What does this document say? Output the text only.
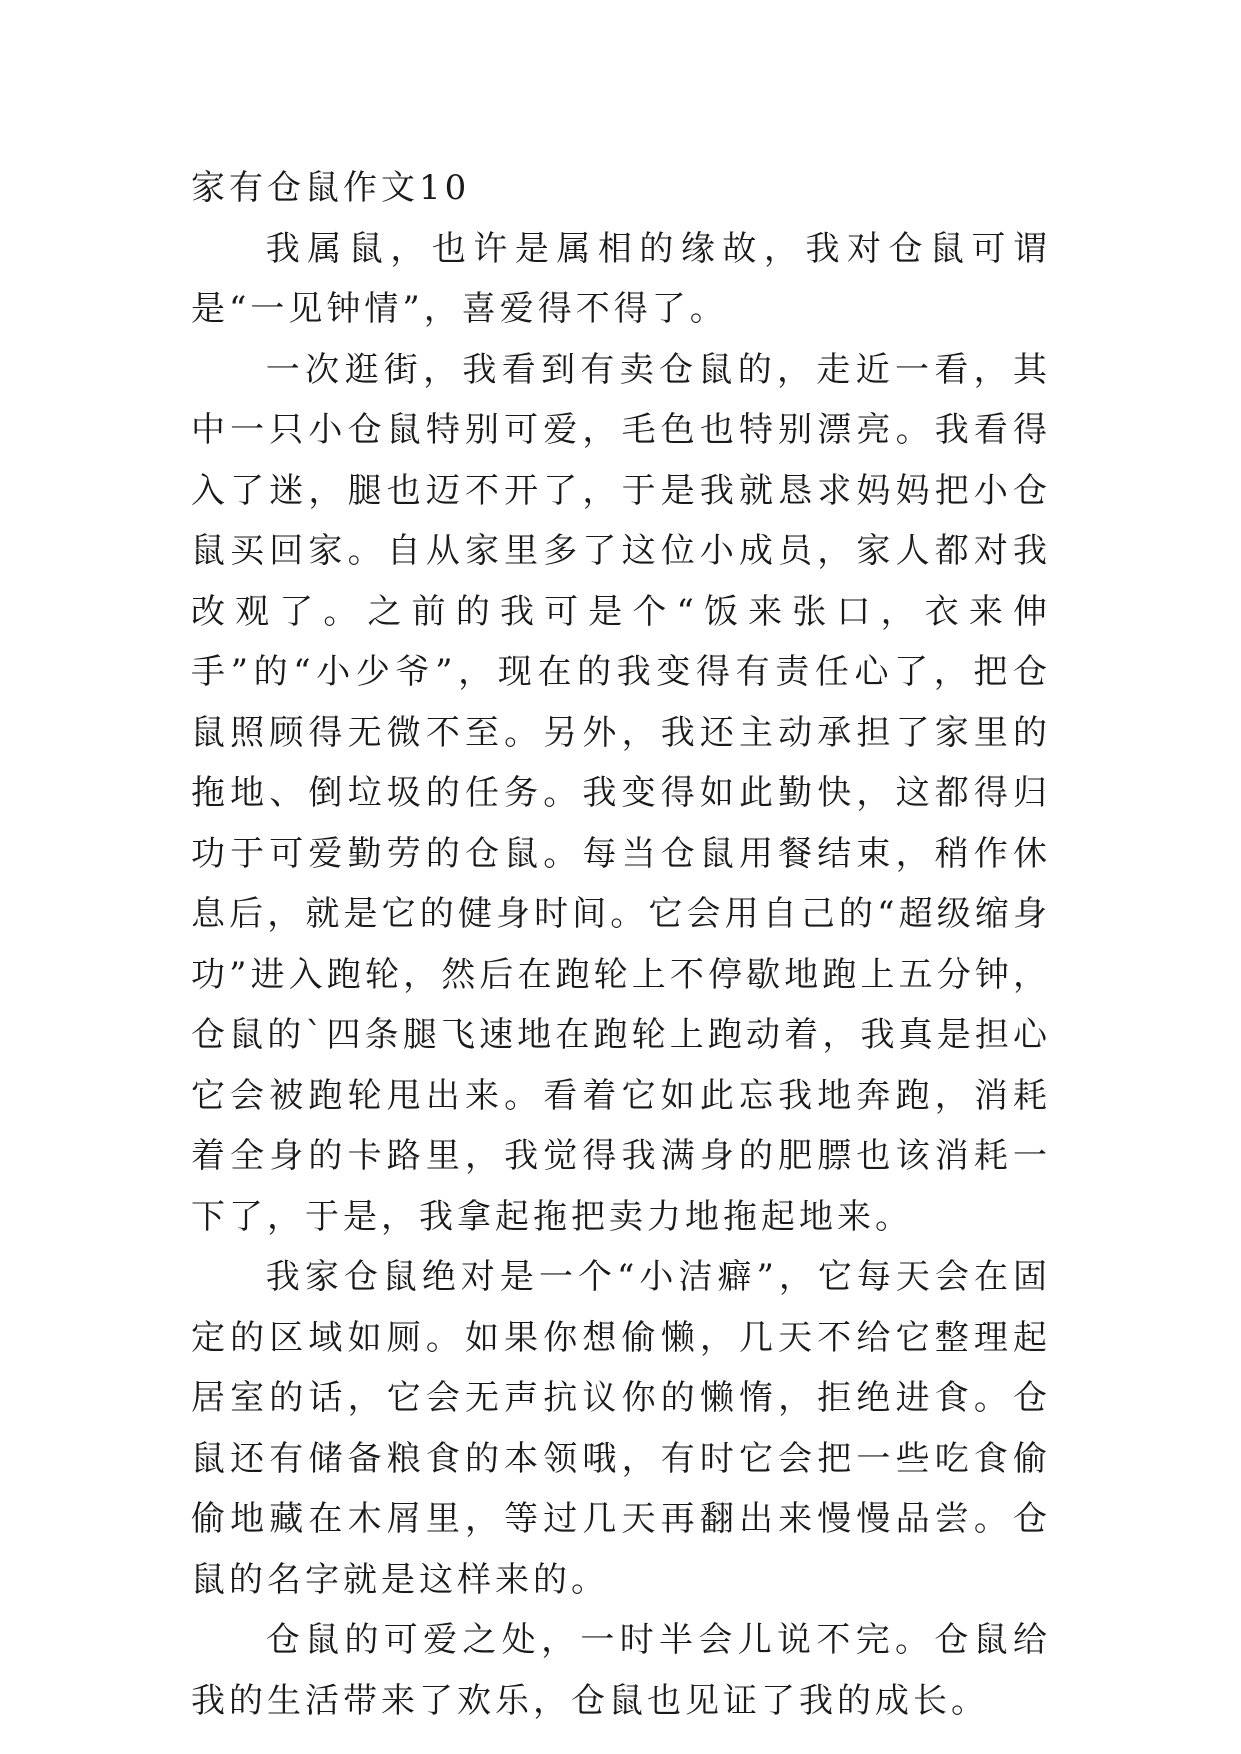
家有仓鼠作文10

我属鼠，也许是属相的缘故，我对仓鼠可谓是“一见钟情”，喜爱得不得了。

一次逛街，我看到有卖仓鼠的，走近一看，其中一只小仓鼠特别可爱，毛色也特别漂亮。我看得入了迷，腿也迈不开了，于是我就恳求妈妈把小仓鼠买回家。自从家里多了这位小成员，家人都对我改观了。之前的我可是个“饭来张口，衣来伸手”的“小少爷”，现在的我变得有责任心了，把仓鼠照顾得无微不至。另外，我还主动承担了家里的拖地、倒垃圾的任务。我变得如此勤快，这都得归功于可爱勤劳的仓鼠。每当仓鼠用餐结束，稍作休息后，就是它的健身时间。它会用自己的“超级缩身功”进入跑轮，然后在跑轮上不停歇地跑上五分钟，仓鼠的`四条腿飞速地在跑轮上跑动着，我真是担心它会被跑轮甩出来。看着它如此忘我地奔跑，消耗着全身的卡路里，我觉得我满身的肥膘也该消耗一下了，于是，我拿起拖把卖力地拖起地来。

我家仓鼠绝对是一个“小洁癖”，它每天会在固定的区域如厕。如果你想偷懒，几天不给它整理起居室的话，它会无声抗议你的懒惰，拒绝进食。仓鼠还有储备粮食的本领哦，有时它会把一些吃食偷偷地藏在木屑里，等过几天再翻出来慢慢品尝。仓鼠的名字就是这样来的。

仓鼠的可爱之处，一时半会儿说不完。仓鼠给我的生活带来了欢乐，仓鼠也见证了我的成长。
